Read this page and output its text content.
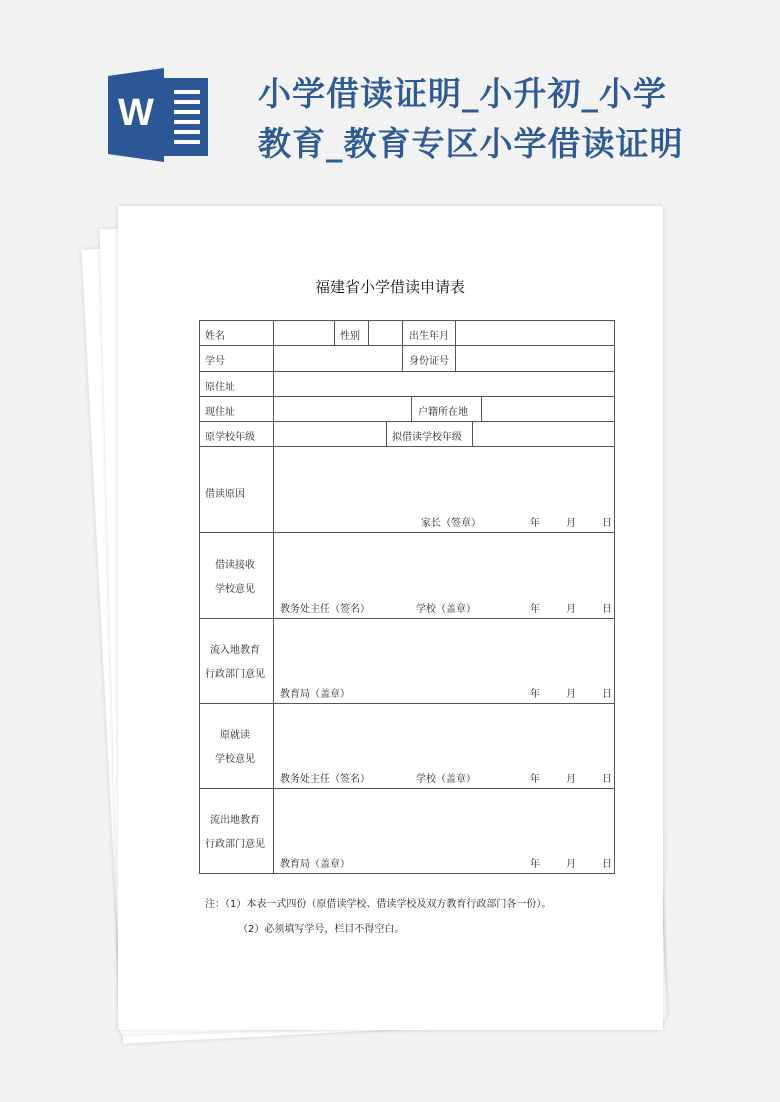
W	小学借读证明_小升初_小学
教育_教育专区小学借读证明
福建省小学借读申请表
姓名	性别	出生年月
学号	身份证号
原住址
现住址	户籍所在地
原学校年级	拟借读学校年级
借读原因
家长（签章）	年	月	日
借读接收
学校意见
教务处主任（签名）	学校（盖章）	年	月	日
流入地教育
行政部门意见
教育局（盖章）	年	月	日
原就读
学校意见
教务处主任（签名）	学校（盖章）	年	月	日
流出地教育
行政部门意见
教育局（盖章）	年	月	日
注：（1）本表一式四份（原借读学校、借读学校及双方教育行政部门各一份）。
（2）必须填写学号，栏目不得空白。
